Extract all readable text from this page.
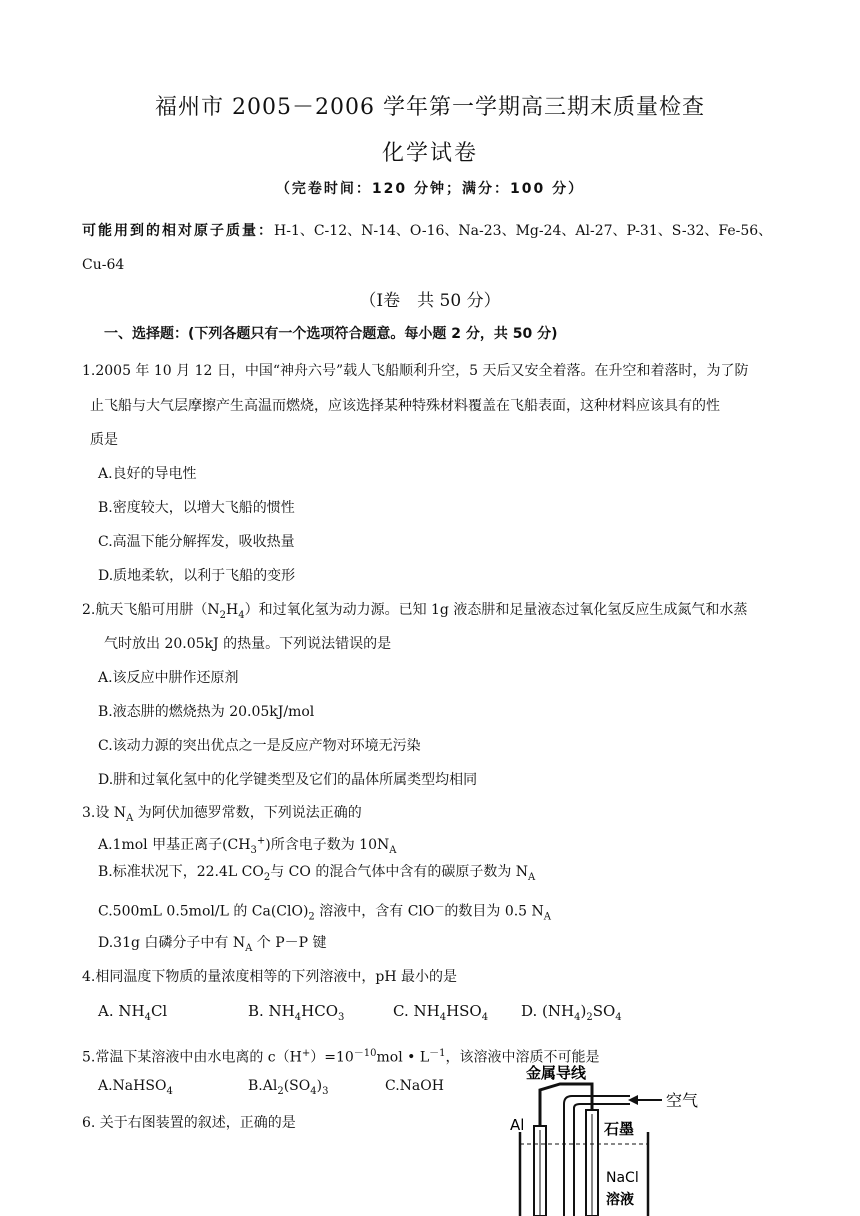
福州市 2005－2006 学年第一学期高三期末质量检查
化学试卷
（完卷时间：120 分钟；满分：100 分）
可能用到的相对原子质量：H-1、C-12、N-14、O-16、Na-23、Mg-24、Al-27、P-31、S-32、Fe-56、Cu-64
（Ⅰ卷　共 50 分）
一、选择题：(下列各题只有一个选项符合题意。每小题 2 分，共 50 分)
1.2005 年 10 月 12 日，中国“神舟六号”载人飞船顺利升空，5 天后又安全着落。在升空和着落时，为了防
止飞船与大气层摩擦产生高温而燃烧，应该选择某种特殊材料覆盖在飞船表面，这种材料应该具有的性
质是
A.良好的导电性
B.密度较大，以增大飞船的惯性
C.高温下能分解挥发，吸收热量
D.质地柔软，以利于飞船的变形
2.航天飞船可用肼$(N_2H_4)$和过氧化氢为动力源。已知 1g 液态肼和足量液态过氧化氢反应生成氮气和水蒸
气时放出 20.05kJ 的热量。下列说法错误的是
A.该反应中肼作还原剂
B.液态肼的燃烧热为 20.05kJ/mol
C.该动力源的突出优点之一是反应产物对环境无污染
D.肼和过氧化氢中的化学键类型及它们的晶体所属类型均相同
3.设 $N_A$ 为阿伏加德罗常数，下列说法正确的
A.1mol 甲基正离子$(CH_3^+)$所含电子数为 $10N_A$
B.标准状况下，22.4L $CO_2$与 CO 的混合气体中含有的碳原子数为 $N_A$
C.500mL 0.5mol/L 的 $Ca(ClO)_2$ 溶液中，含有 ClO－的数目为 0.5 $N_A$
D.31g 白磷分子中有 $N_A$ 个 P－P 键
4.相同温度下物质的量浓度相等的下列溶液中，pH 最小的是
A. $NH_4Cl$	B. $NH_4HCO_3$	C. $NH_4HSO_4$ D. $(NH_4)_2SO_4$
5.常温下某溶液中由水电离的 $c(H^+)=10^{-10}mol$ • $L^{-1}$，该溶液中溶质不可能是
A.NaHSO$_4$	$B.Al_2(SO_4)_3$	C.NaOH
6. 关于右图装置的叙述，正确的是
金属导线
空气
Al	石墨
NaCl
溶液
